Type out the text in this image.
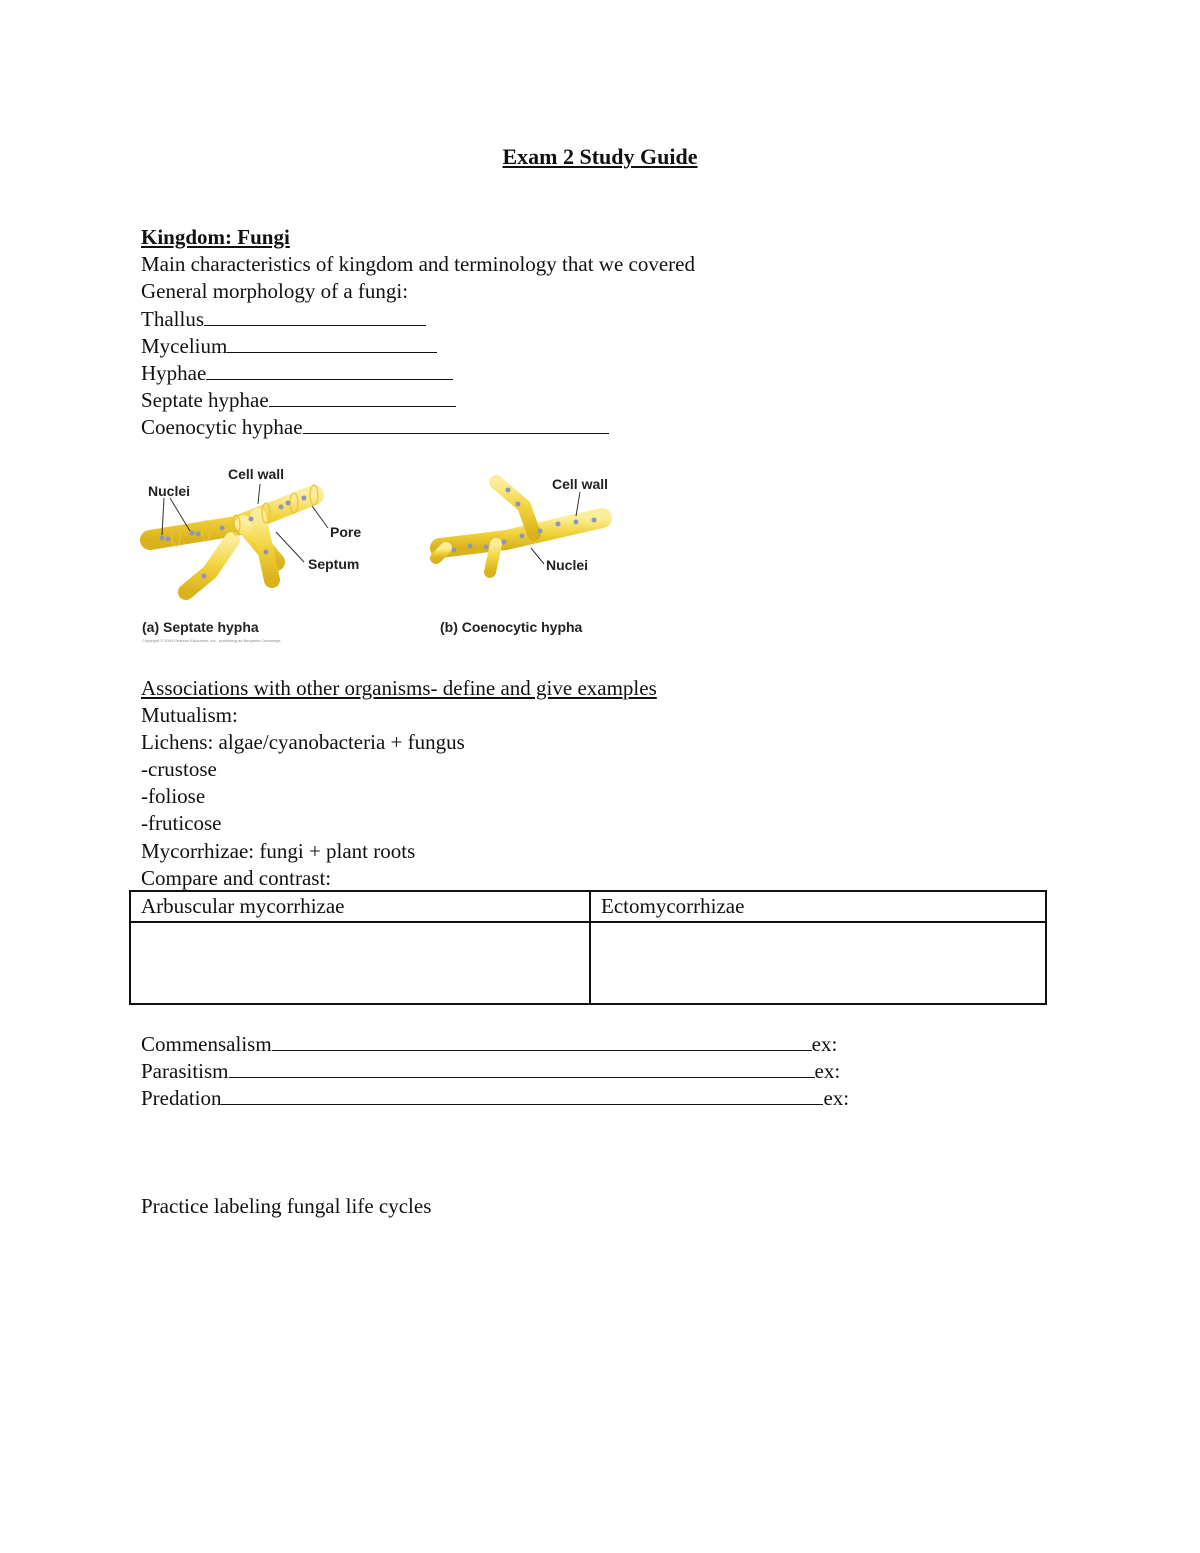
Exam 2 Study Guide
Kingdom: Fungi
Main characteristics of kingdom and terminology that we covered
General morphology of a fungi:
Thallus
Mycelium
Hyphae
Septate hyphae
Coenocytic hyphae
Nuclei
Cell wall
Pore
Septum
(a) Septate hypha
Copyright © 2004 Pearson Education, Inc., publishing as Benjamin Cummings.
Cell wall
Nuclei
(b) Coenocytic hypha
Associations with other organisms- define and give examples
Mutualism:
Lichens: algae/cyanobacteria + fungus
-crustose
-foliose
-fruticose
Mycorrhizae: fungi + plant roots
Compare and contrast:
Arbuscular mycorrhizae	Ectomycorrhizae

Commensalism	ex:
Parasitism	ex:
Predation	ex:
Practice labeling fungal life cycles
